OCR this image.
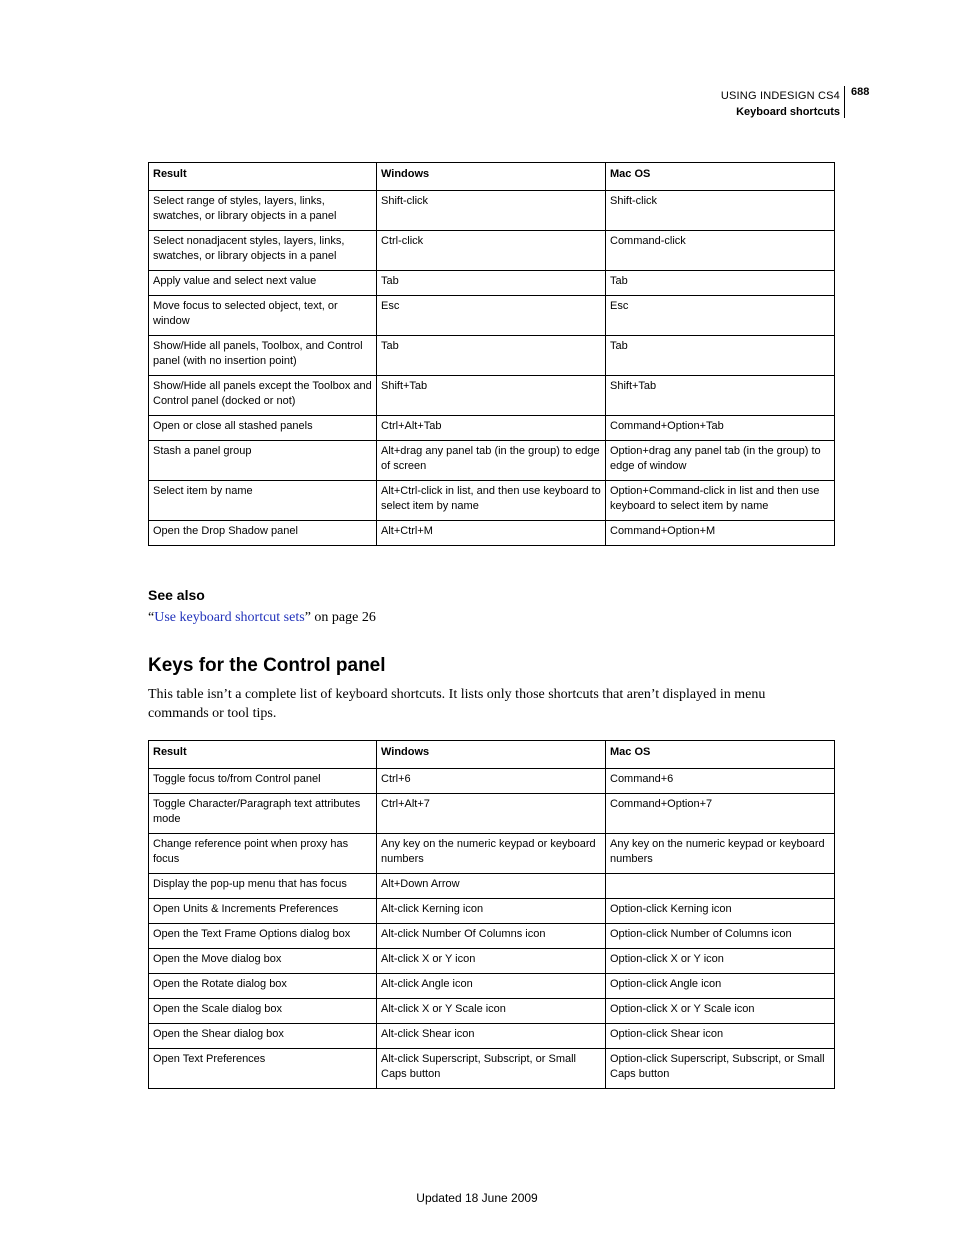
USING INDESIGN CS4
Keyboard shortcuts
688
Result	Windows	Mac OS
Select range of styles, layers, links, swatches, or library objects in a panel	Shift-click	Shift-click
Select nonadjacent styles, layers, links, swatches, or library objects in a panel	Ctrl-click	Command-click
Apply value and select next value	Tab	Tab
Move focus to selected object, text, or window	Esc	Esc
Show/Hide all panels, Toolbox, and Control panel (with no insertion point)	Tab	Tab
Show/Hide all panels except the Toolbox and Control panel (docked or not)	Shift+Tab	Shift+Tab
Open or close all stashed panels	Ctrl+Alt+Tab	Command+Option+Tab
Stash a panel group	Alt+drag any panel tab (in the group) to edge of screen	Option+drag any panel tab (in the group) to edge of window
Select item by name	Alt+Ctrl-click in list, and then use keyboard to select item by name	Option+Command-click in list and then use keyboard to select item by name
Open the Drop Shadow panel	Alt+Ctrl+M	Command+Option+M
See also
“Use keyboard shortcut sets” on page 26
Keys for the Control panel
This table isn’t a complete list of keyboard shortcuts. It lists only those shortcuts that aren’t displayed in menu commands or tool tips.
Result	Windows	Mac OS
Toggle focus to/from Control panel	Ctrl+6	Command+6
Toggle Character/Paragraph text attributes mode	Ctrl+Alt+7	Command+Option+7
Change reference point when proxy has focus	Any key on the numeric keypad or keyboard numbers	Any key on the numeric keypad or keyboard numbers
Display the pop-up menu that has focus	Alt+Down Arrow	
Open Units & Increments Preferences	Alt-click Kerning icon	Option-click Kerning icon
Open the Text Frame Options dialog box	Alt-click Number Of Columns icon	Option-click Number of Columns icon
Open the Move dialog box	Alt-click X or Y icon	Option-click X or Y icon
Open the Rotate dialog box	Alt-click Angle icon	Option-click Angle icon
Open the Scale dialog box	Alt-click X or Y Scale icon	Option-click X or Y Scale icon
Open the Shear dialog box	Alt-click Shear icon	Option-click Shear icon
Open Text Preferences	Alt-click Superscript, Subscript, or Small Caps button	Option-click Superscript, Subscript, or Small Caps button
Updated 18 June 2009
